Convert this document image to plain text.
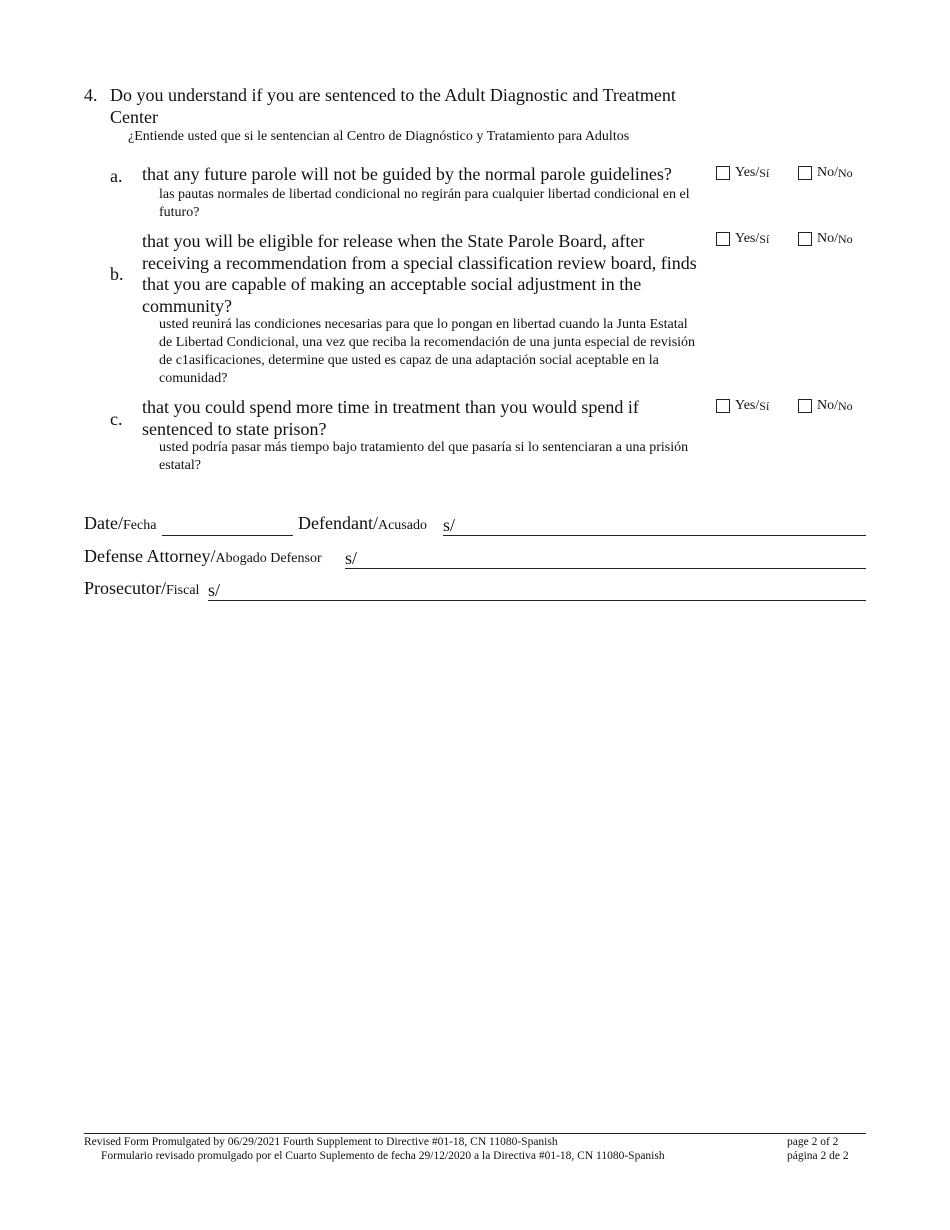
4. Do you understand if you are sentenced to the Adult Diagnostic and Treatment Center
¿Entiende usted que si le sentencian al Centro de Diagnóstico y Tratamiento para Adultos
a. that any future parole will not be guided by the normal parole guidelines?
las pautas normales de libertad condicional no regirán para cualquier libertad condicional en el futuro?
Yes/ Sí	No/ No
b.
that you will be eligible for release when the State Parole Board, after receiving a recommendation from a special classification review board, finds that you are capable of making an acceptable social adjustment in the community?
usted reunirá las condiciones necesarias para que lo pongan en libertad cuando la Junta Estatal de Libertad Condicional, una vez que reciba la recomendación de una junta especial de revisión de c1asificaciones, determine que usted es capaz de una adaptación social aceptable en la comunidad?
Yes/ Sí	No/ No
c.
that you could spend more time in treatment than you would spend if sentenced to state prison?
usted podría pasar más tiempo bajo tratamiento del que pasaría si lo sentenciaran a una prisión estatal?
Yes/ Sí	No/ No
Date/Fecha	Defendant/Acusado s/
Defense Attorney/Abogado Defensor s/
Prosecutor/Fiscal s/
Revised Form Promulgated by 06/29/2021 Fourth Supplement to Directive #01-18, CN 11080-Spanish
Formulario revisado promulgado por el Cuarto Suplemento de fecha 29/12/2020 a la Directiva #01-18, CN 11080-Spanish
page 2 of 2
página 2 de 2
